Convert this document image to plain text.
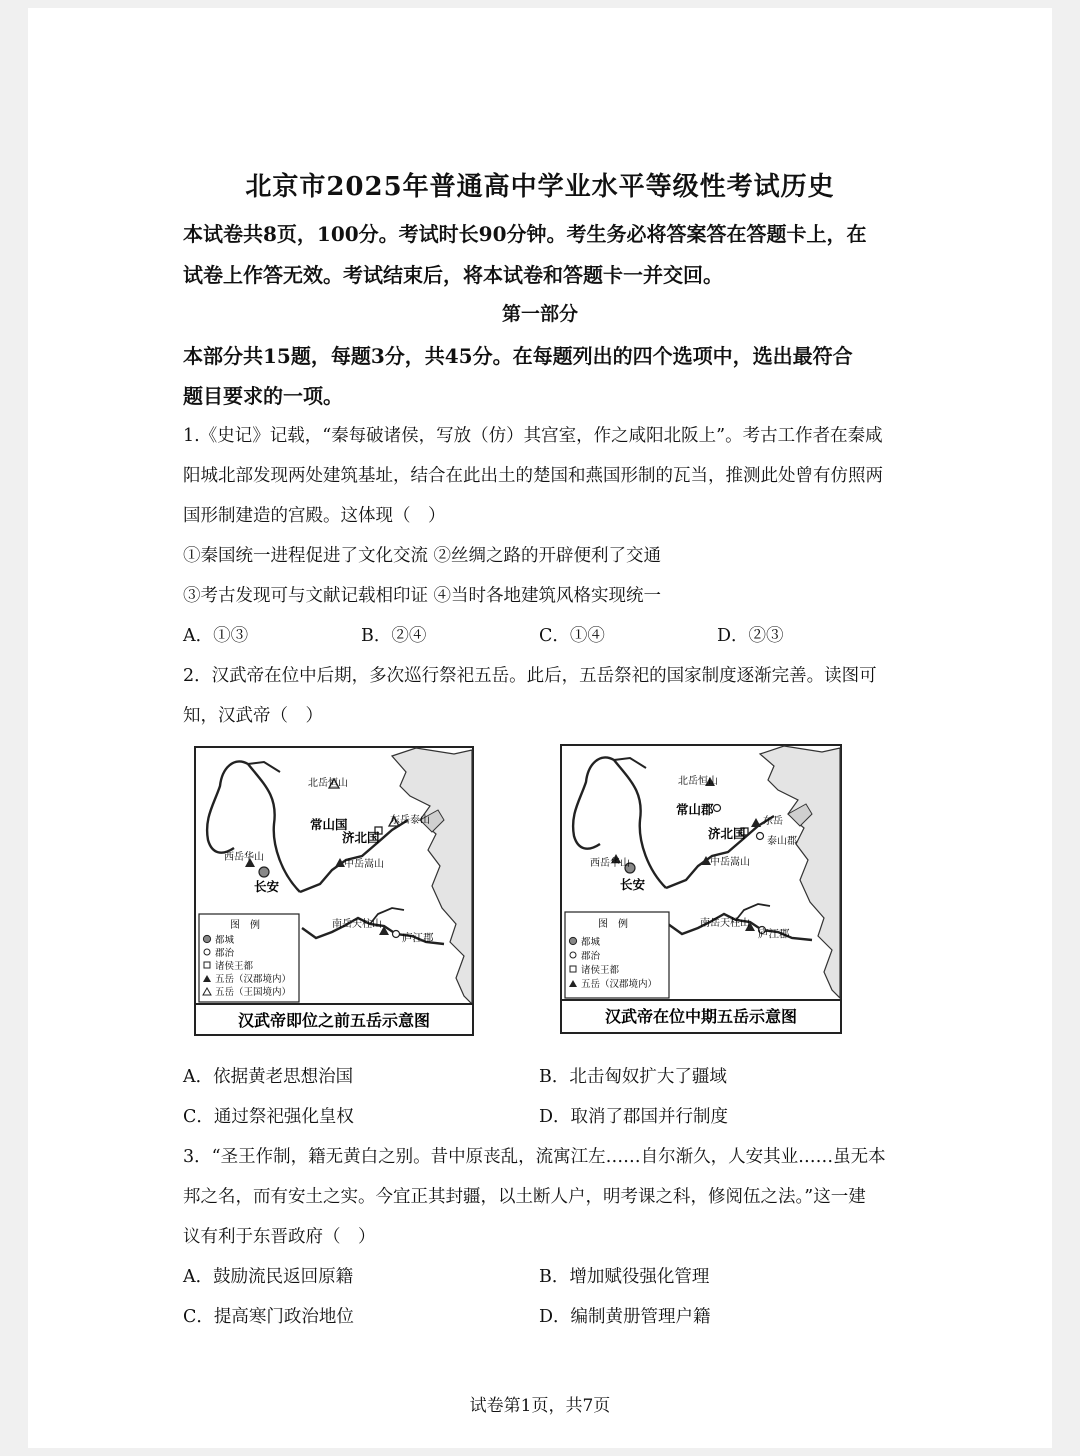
北京市2025年普通高中学业水平等级性考试历史
本试卷共8页，100分。考试时长90分钟。考生务必将答案答在答题卡上，在
试卷上作答无效。考试结束后，将本试卷和答题卡一并交回。
第一部分
本部分共15题，每题3分，共45分。在每题列出的四个选项中，选出最符合
题目要求的一项。
1.《史记》记载，“秦每破诸侯，写放（仿）其宫室，作之咸阳北阪上”。考古工作者在秦咸
阳城北部发现两处建筑基址，结合在此出土的楚国和燕国形制的瓦当，推测此处曾有仿照两
国形制建造的宫殿。这体现（　）
①秦国统一进程促进了文化交流 ②丝绸之路的开辟便利了交通
③考古发现可与文献记载相印证 ④当时各地建筑风格实现统一
A．①③	B．②④	C．①④	D．②③
2．汉武帝在位中后期，多次巡行祭祀五岳。此后，五岳祭祀的国家制度逐渐完善。读图可
知，汉武帝（　）
北岳恒山
常山国
济北国
东岳泰山
西岳华山
中岳嵩山
长安
南岳天柱山
庐江郡
图　例
都城
郡治
诸侯王都
五岳（汉郡境内）
五岳（王国境内）
汉武帝即位之前五岳示意图
北岳恒山
常山郡
济北国
东岳
泰山郡
西岳华山	中岳嵩山
长安
南岳天柱山
庐江郡
图　例
都城
郡治
诸侯王都
五岳（汉郡境内）
汉武帝在位中期五岳示意图
A．依据黄老思想治国	B．北击匈奴扩大了疆域
C．通过祭祀强化皇权	D．取消了郡国并行制度
3．“圣王作制，籍无黄白之别。昔中原丧乱，流寓江左……自尔渐久，人安其业……虽无本
邦之名，而有安土之实。今宜正其封疆，以土断人户，明考课之科，修阅伍之法。”这一建
议有利于东晋政府（　）
A．鼓励流民返回原籍	B．增加赋役强化管理
C．提高寒门政治地位	D．编制黄册管理户籍
试卷第1页，共7页
